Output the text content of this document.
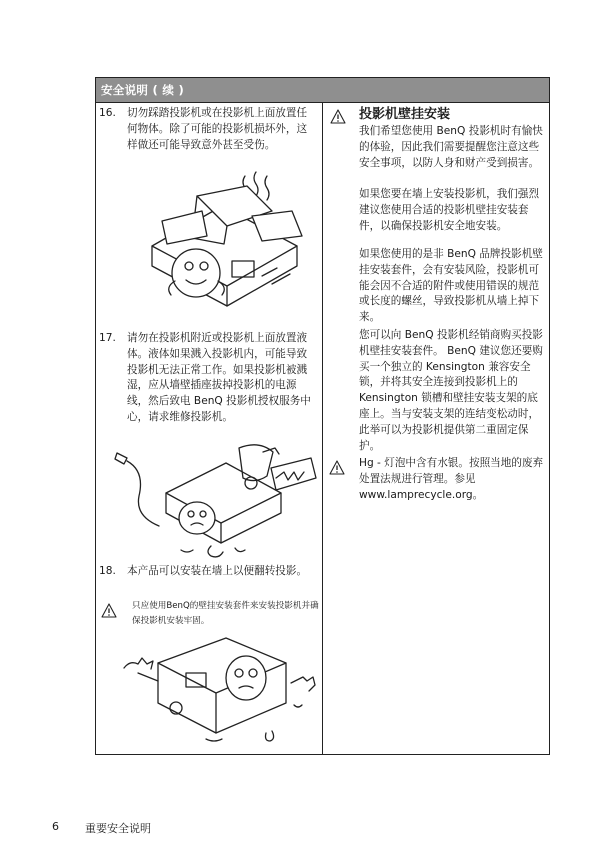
安全说明 ( 续 )
16. 切勿踩踏投影机或在投影机上面放置任何物体。除了可能的投影机损坏外，这样做还可能导致意外甚至受伤。
17. 请勿在投影机附近或投影机上面放置液体。液体如果溅入投影机内，可能导致投影机无法正常工作。如果投影机被溅湿，应从墙壁插座拔掉投影机的电源线，然后致电 BenQ 投影机授权服务中心，请求维修投影机。
18. 本产品可以安装在墙上以便翻转投影。
只应使用BenQ的壁挂安装套件来安装投影机并确保投影机安装牢固。
投影机壁挂安装
我们希望您使用 BenQ 投影机时有愉快的体验，因此我们需要提醒您注意这些安全事项，以防人身和财产受到损害。
如果您要在墙上安装投影机，我们强烈建议您使用合适的投影机壁挂安装套件，以确保投影机安全地安装。
如果您使用的是非 BenQ 品牌投影机壁挂安装套件，会有安装风险，投影机可能会因不合适的附件或使用错误的规范或长度的螺丝，导致投影机从墙上掉下来。
您可以向 BenQ 投影机经销商购买投影机壁挂安装套件。 BenQ 建议您还要购买一个独立的 Kensington 兼容安全锁，并将其安全连接到投影机上的 Kensington 锁槽和壁挂安装支架的底座上。当与安装支架的连结变松动时，此举可以为投影机提供第二重固定保护。
Hg - 灯泡中含有水银。按照当地的废弃处置法规进行管理。参见 www.lamprecycle.org。
6 重要安全说明
